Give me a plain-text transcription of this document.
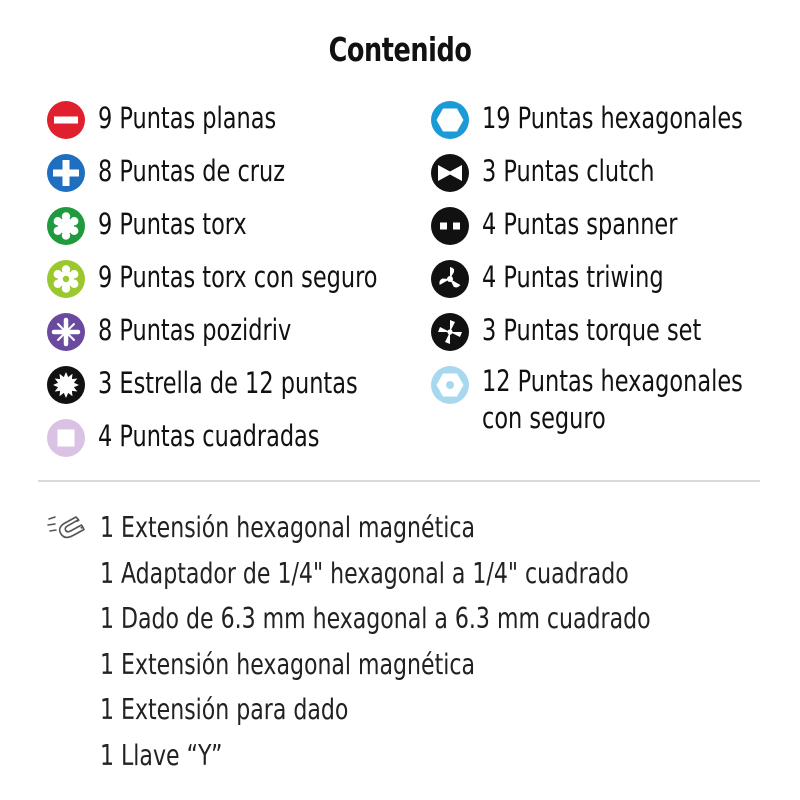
Contenido
9 Puntas planas
8 Puntas de cruz
9 Puntas torx
9 Puntas torx con seguro
8 Puntas pozidriv
3 Estrella de 12 puntas
4 Puntas cuadradas
19 Puntas hexagonales
3 Puntas clutch
4 Puntas spanner
4 Puntas triwing
3 Puntas torque set
12 Puntas hexagonales con seguro
1 Extensión hexagonal magnética
1 Adaptador de 1/4" hexagonal a 1/4" cuadrado
1 Dado de 6.3 mm hexagonal a 6.3 mm cuadrado
1 Extensión hexagonal magnética
1 Extensión para dado
1 Llave “Y”
